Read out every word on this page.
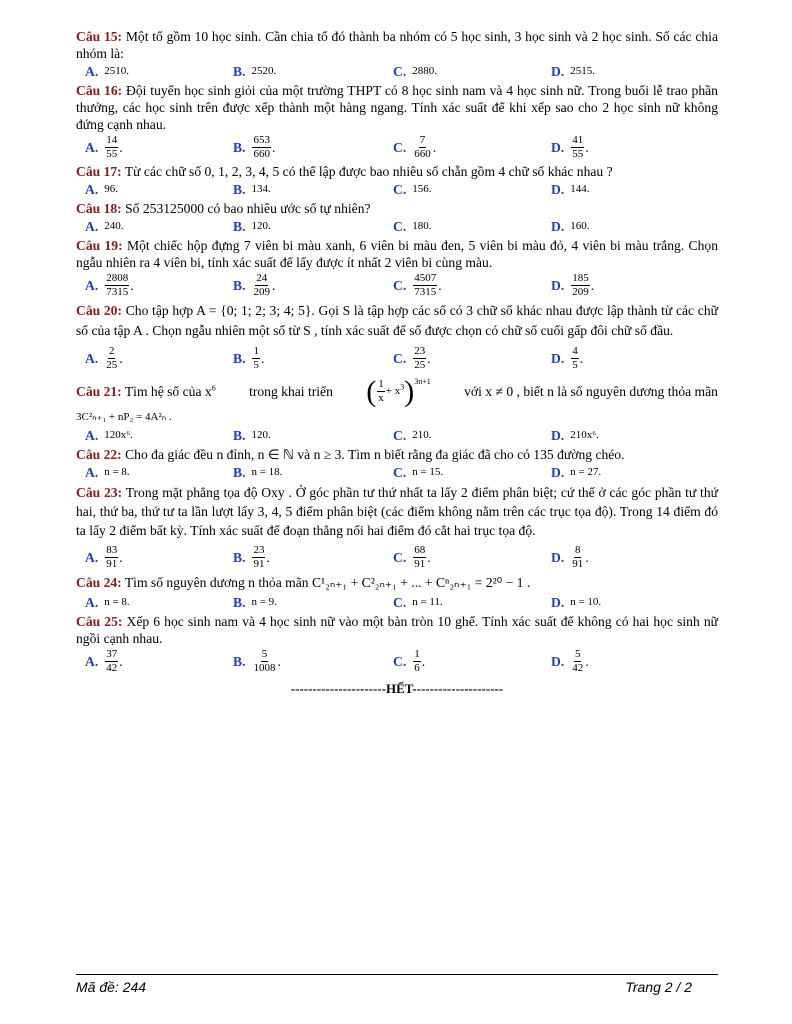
Câu 15: Một tổ gồm 10 học sinh. Cần chia tổ đó thành ba nhóm có 5 học sinh, 3 học sinh và 2 học sinh. Số các chia nhóm là:

A. 2510.	B. 2520.	C. 2880.	D. 2515.

Câu 16: Đội tuyển học sinh giỏi của một trường THPT có 8 học sinh nam và 4 học sinh nữ. Trong buổi lễ trao phần thưởng, các học sinh trên được xếp thành một hàng ngang. Tính xác suất để khi xếp sao cho 2 học sinh nữ không đứng cạnh nhau.

A. $\frac{14}{55}$ .	B. $\frac{653}{660}$ .	C. $\frac{7}{660}$ .	D. $\frac{41}{55}$ .

Câu 17: Từ các chữ số 0, 1, 2, 3, 4, 5 có thể lập được bao nhiêu số chẵn gồm 4 chữ số khác nhau ?

A. 96.	B. 134.	C. 156.	D. 144.

Câu 18: Số 253125000 có bao nhiêu ước số tự nhiên?

A. 240.	B. 120.	C. 180.	D. 160.

Câu 19: Một chiếc hộp đựng 7 viên bi màu xanh, 6 viên bi màu đen, 5 viên bi màu đỏ, 4 viên bi màu trắng. Chọn ngẫu nhiên ra 4 viên bi, tính xác suất để lấy được ít nhất 2 viên bi cùng màu.

A. $\frac{2808}{7315}$ .	B. $\frac{24}{209}$ .	C. $\frac{4507}{7315}$ .	D. $\frac{185}{209}$ .

Câu 20: Cho tập hợp A = {0; 1; 2; 3; 4; 5}. Gọi S là tập hợp các số có 3 chữ số khác nhau được lập thành từ các chữ số của tập A . Chọn ngẫu nhiên một số từ S , tính xác suất để số được chọn có chữ số cuối gấp đôi chữ số đầu.

A. $\frac{2}{25}$ .	B. $\frac{1}{5}$ .	C. $\frac{23}{25}$ .	D. $\frac{4}{5}$ .

Câu 21: Tìm hệ số của $x^6$ trong khai triển ( $\frac{1}{x} + x^3$ )$^{3n+1}$
với x ≠ 0 , biết n là số nguyên dương thỏa mãn

3C²ₙ₊₁ + nP₂ = 4A²ₙ .

A. 120x⁶.	B. 120.	C. 210.	D. 210x⁶.

Câu 22: Cho đa giác đều n đỉnh, n ∈ ℕ và n ≥ 3. Tìm n biết rằng đa giác đã cho có 135 đường chéo.

A. n = 8.	B. n = 18.	C. n = 15.	D. n = 27.

Câu 23: Trong mặt phẳng tọa độ Oxy . Ở góc phần tư thứ nhất ta lấy 2 điểm phân biệt; cứ thế ở các góc phần tư thứ hai, thứ ba, thứ tư ta lần lượt lấy 3, 4, 5 điểm phân biệt (các điểm không nằm trên các trục tọa độ). Trong 14 điểm đó ta lấy 2 điểm bất kỳ. Tính xác suất để đoạn thẳng nối hai điểm đó cắt hai trục tọa độ.

A. $\frac{83}{91}$ .	B. $\frac{23}{91}$ .	C. $\frac{68}{91}$ .	D. $\frac{8}{91}$ .

Câu 24: Tìm số nguyên dương n thỏa mãn C¹₂ₙ₊₁ + C²₂ₙ₊₁ + ... + Cⁿ₂ₙ₊₁ = 2²⁰ − 1 .

A. n = 8.	B. n = 9.	C. n = 11.	D. n = 10.

Câu 25: Xếp 6 học sinh nam và 4 học sinh nữ vào một bàn tròn 10 ghế. Tính xác suất để không có hai học sinh nữ ngồi cạnh nhau.

A. $\frac{37}{42}$ .	B. $\frac{5}{1008}$ .	C. $\frac{1}{6}$ .	D. $\frac{5}{42}$ .
----------------------HẾT---------------------
Mã đề: 244	Trang 2 / 2
